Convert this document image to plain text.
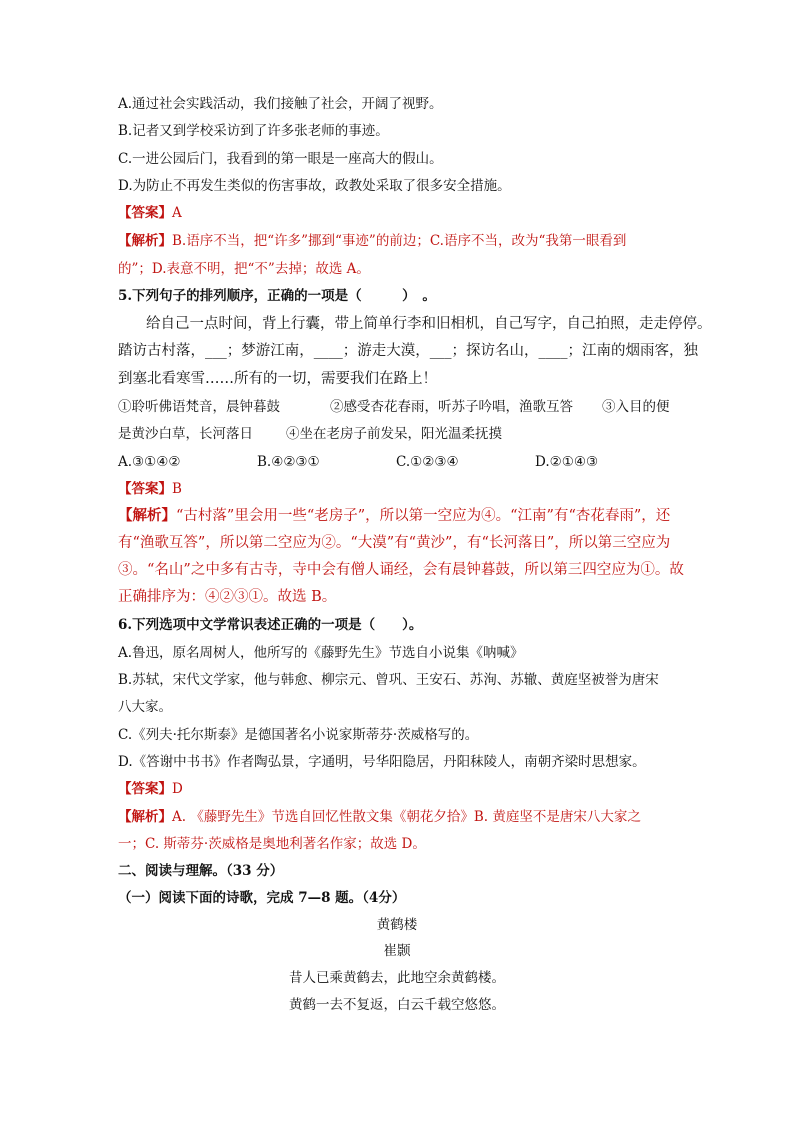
A.通过社会实践活动，我们接触了社会，开阔了视野。
B.记者又到学校采访到了许多张老师的事迹。
C.一进公园后门，我看到的第一眼是一座高大的假山。
D.为防止不再发生类似的伤害事故，政教处采取了很多安全措施。
【答案】A
【解析】B.语序不当，把“许多”挪到“事迹”的前边；C.语序不当，改为“我第一眼看到
的”；D.表意不明，把“不”去掉；故选 A。
5.下列句子的排列顺序，正确的一项是（　　　）　。
给自己一点时间，背上行囊，带上简单行李和旧相机，自己写字，自己拍照，走走停停。
踏访古村落，___；梦游江南，____；游走大漠，___；探访名山，____；江南的烟雨客，独
到塞北看寒雪……所有的一切，需要我们在路上！
①聆听佛语梵音，晨钟暮鼓	②感受杏花春雨，听苏子吟唱，渔歌互答 ③入目的便
是黄沙白草，长河落日 ④坐在老房子前发呆，阳光温柔抚摸
A.③①④②	B.④②③①	C.①②③④	D.②①④③
【答案】B
【解析】“古村落”里会用一些“老房子”，所以第一空应为④。“江南”有“杏花春雨”，还
有“渔歌互答”，所以第二空应为②。“大漠”有“黄沙”，有“长河落日”，所以第三空应为
③。“名山”之中多有古寺，寺中会有僧人诵经，会有晨钟暮鼓，所以第三四空应为①。故
正确排序为：④②③①。故选 B。
6.下列选项中文学常识表述正确的一项是（　　）。
A.鲁迅，原名周树人，他所写的《藤野先生》节选自小说集《呐喊》
B.苏轼，宋代文学家，他与韩愈、柳宗元、曾巩、王安石、苏洵、苏辙、黄庭坚被誉为唐宋
八大家。
C.《列夫·托尔斯泰》是德国著名小说家斯蒂芬·茨威格写的。
D.《答谢中书书》作者陶弘景，字通明，号华阳隐居，丹阳秣陵人，南朝齐梁时思想家。
【答案】D
【解析】A. 《藤野先生》节选自回忆性散文集《朝花夕拾》B. 黄庭坚不是唐宋八大家之
一；C. 斯蒂芬·茨威格是奥地利著名作家；故选 D。
二、阅读与理解。（33 分）
（一）阅读下面的诗歌，完成 7—8 题。（4分）
黄鹤楼
崔颢
昔人已乘黄鹤去，此地空余黄鹤楼。
黄鹤一去不复返，白云千载空悠悠。
